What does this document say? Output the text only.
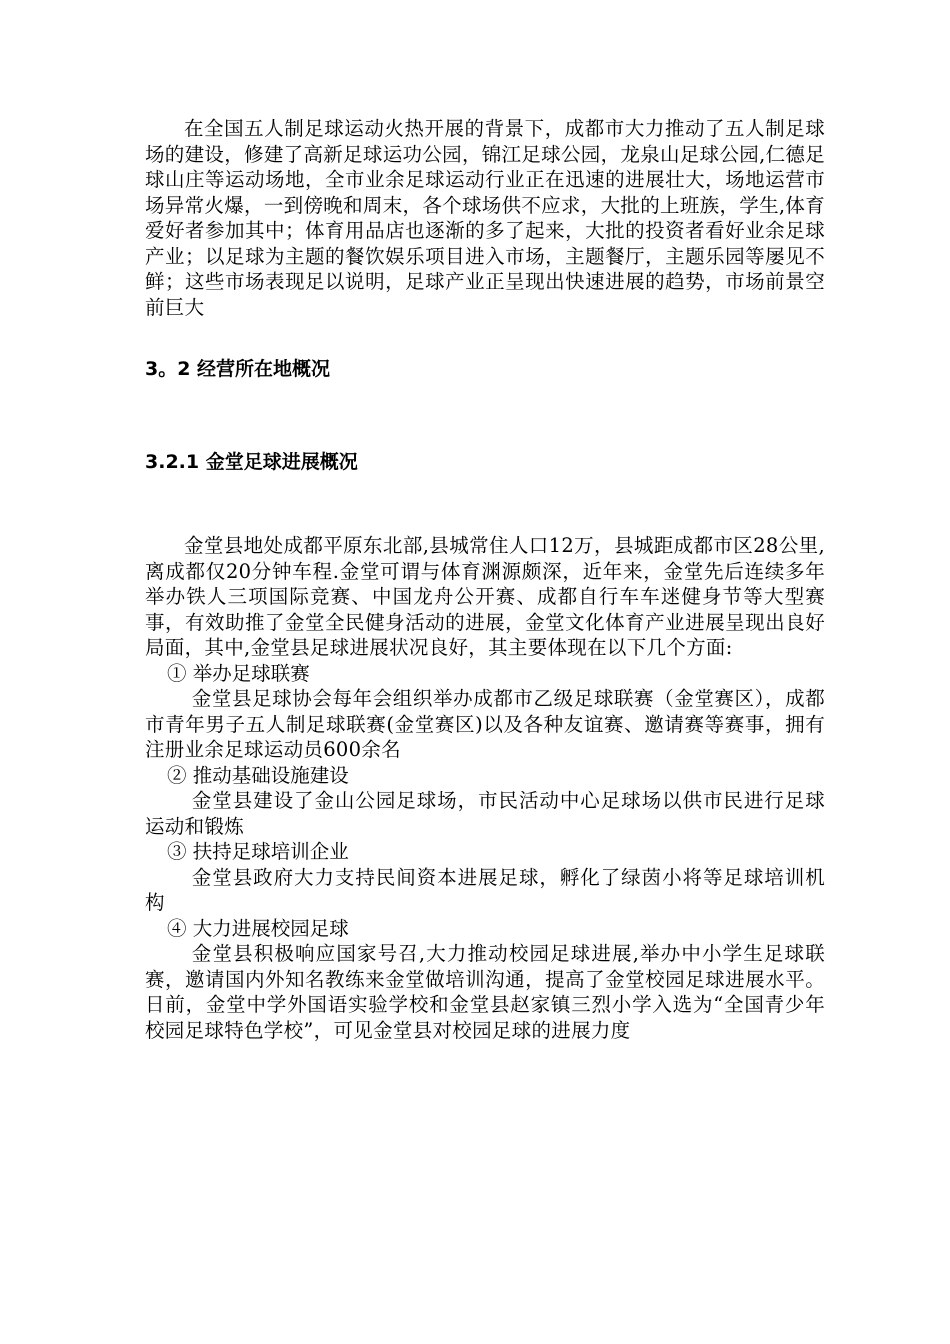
在全国五人制足球运动火热开展的背景下，成都市大力推动了五人制足球场的建设，修建了高新足球运功公园，锦江足球公园，龙泉山足球公园,仁德足球山庄等运动场地，全市业余足球运动行业正在迅速的进展壮大，场地运营市场异常火爆，一到傍晚和周末，各个球场供不应求，大批的上班族，学生,体育爱好者参加其中；体育用品店也逐渐的多了起来，大批的投资者看好业余足球产业；以足球为主题的餐饮娱乐项目进入市场，主题餐厅，主题乐园等屡见不鲜；这些市场表现足以说明，足球产业正呈现出快速进展的趋势，市场前景空前巨大

3。2 经营所在地概况
3.2.1 金堂足球进展概况

金堂县地处成都平原东北部,县城常住人口12万，县城距成都市区28公里,离成都仅20分钟车程.金堂可谓与体育渊源颇深，近年来，金堂先后连续多年举办铁人三项国际竞赛、中国龙舟公开赛、成都自行车车迷健身节等大型赛事，有效助推了金堂全民健身活动的进展，金堂文化体育产业进展呈现出良好局面，其中,金堂县足球进展状况良好，其主要体现在以下几个方面:

① 举办足球联赛

金堂县足球协会每年会组织举办成都市乙级足球联赛（金堂赛区），成都市青年男子五人制足球联赛(金堂赛区)以及各种友谊赛、邀请赛等赛事，拥有注册业余足球运动员600余名

② 推动基础设施建设

金堂县建设了金山公园足球场，市民活动中心足球场以供市民进行足球运动和锻炼

③ 扶持足球培训企业

金堂县政府大力支持民间资本进展足球，孵化了绿茵小将等足球培训机构

④ 大力进展校园足球

金堂县积极响应国家号召,大力推动校园足球进展,举办中小学生足球联赛，邀请国内外知名教练来金堂做培训沟通，提高了金堂校园足球进展水平。日前，金堂中学外国语实验学校和金堂县赵家镇三烈小学入选为“全国青少年校园足球特色学校”，可见金堂县对校园足球的进展力度
